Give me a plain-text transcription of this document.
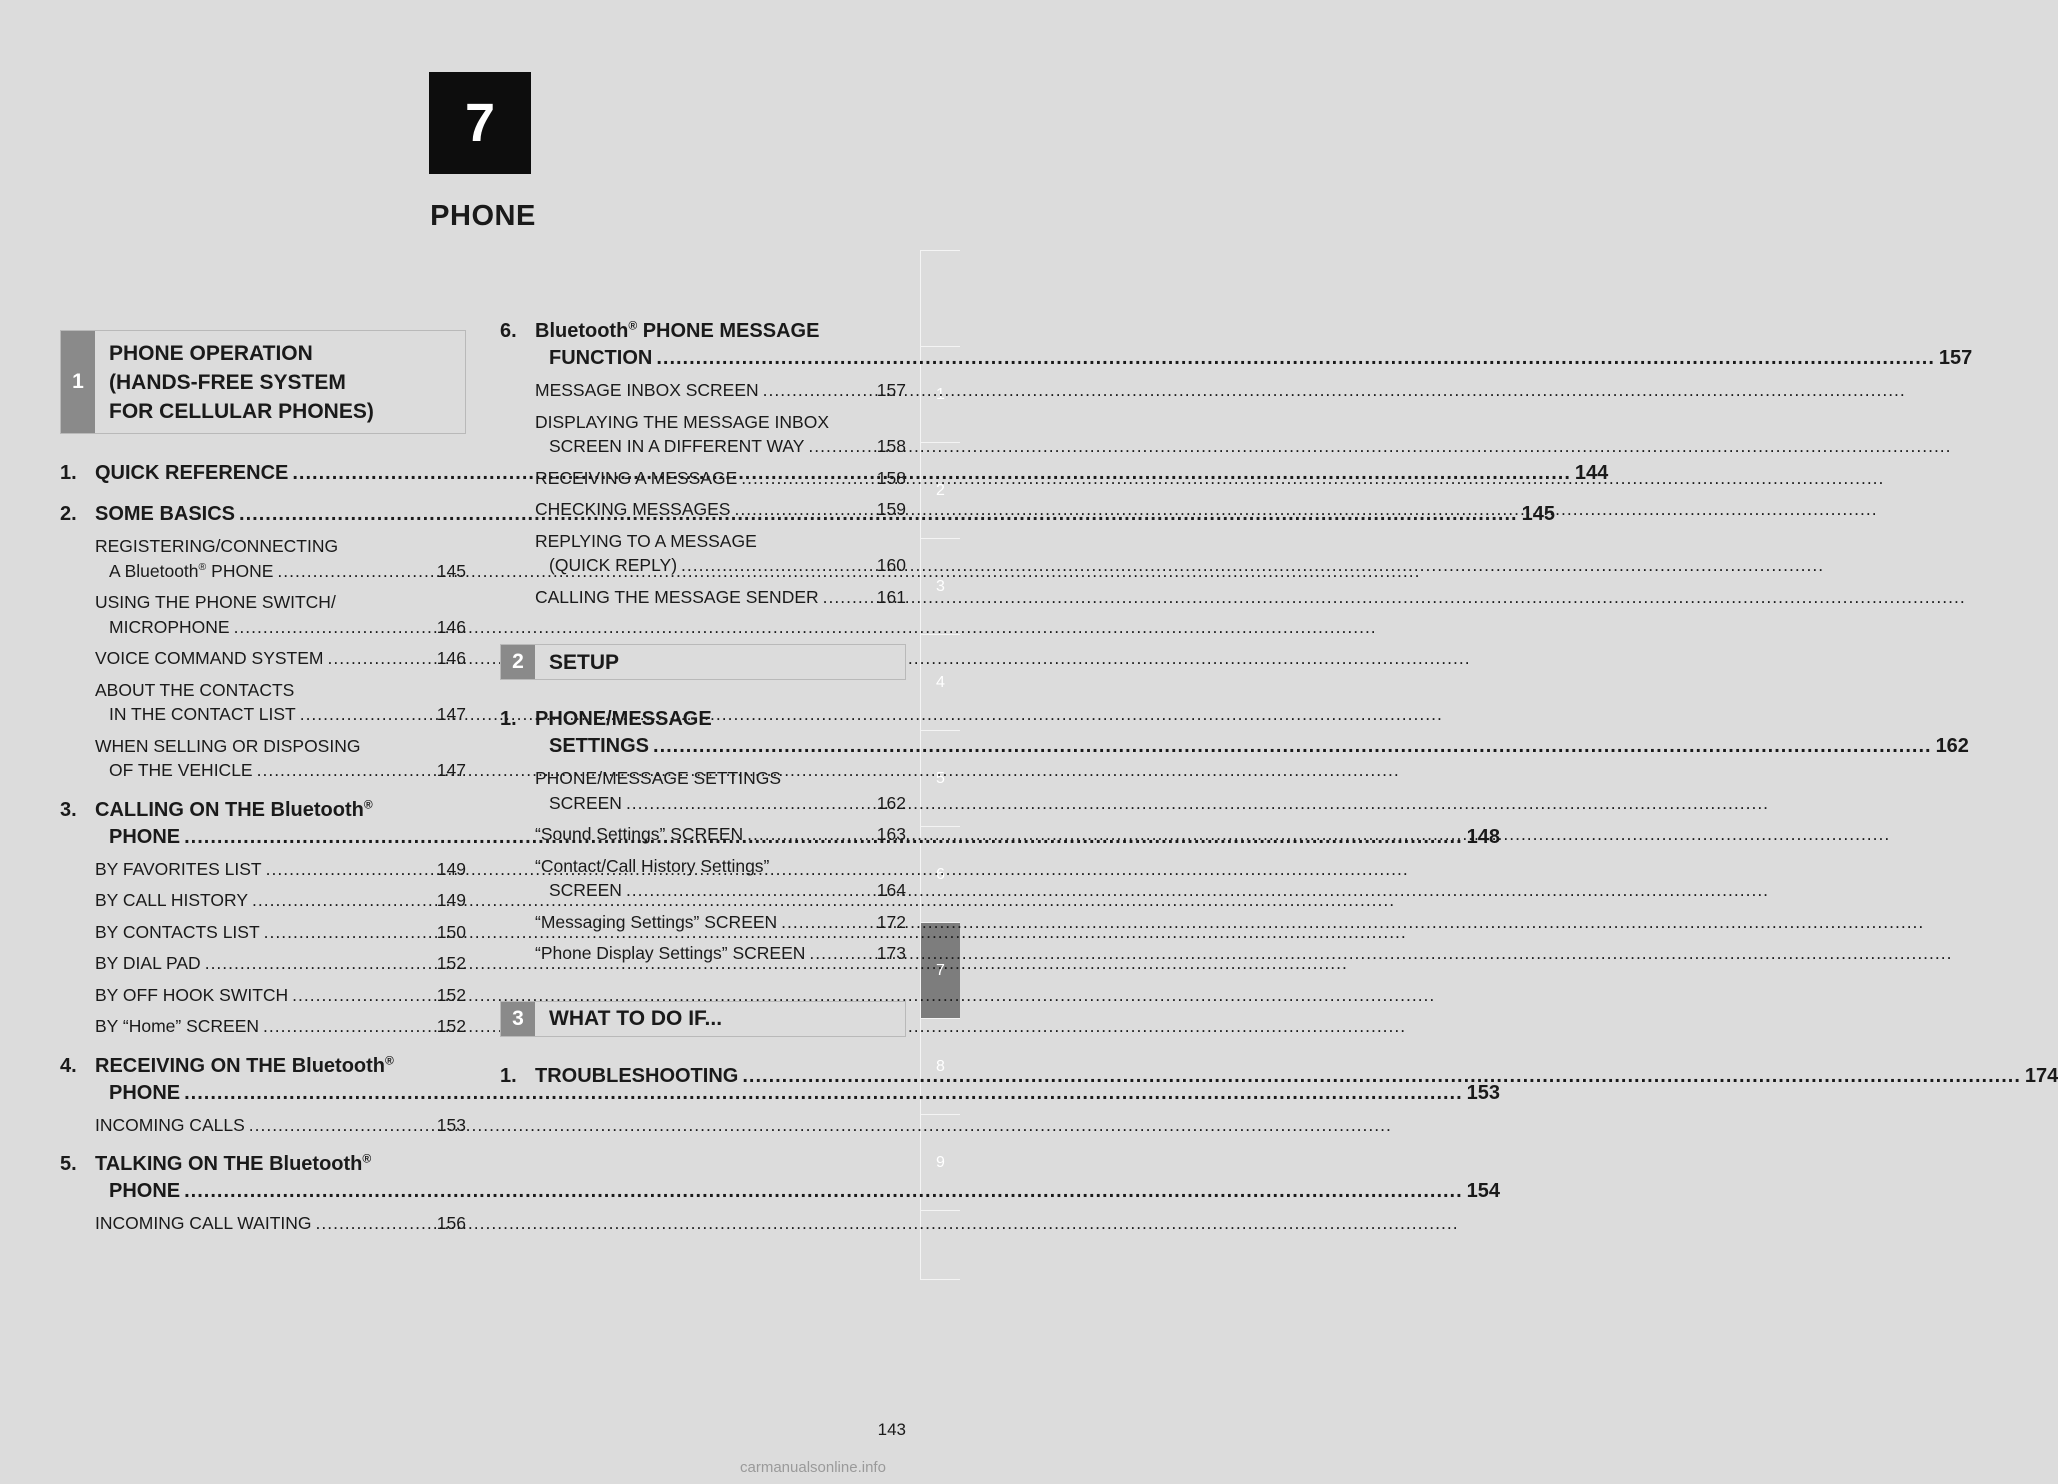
7
PHONE
1
2
3
4
5
6
7
8
9
1
PHONE OPERATION
(HANDS-FREE SYSTEM
FOR CELLULAR PHONES)
1. QUICK REFERENCE .....	144
2. SOME BASICS .....	145
REGISTERING/CONNECTING
A Bluetooth® PHONE .....	145
USING THE PHONE SWITCH/
MICROPHONE .....	146
VOICE COMMAND SYSTEM .....	146
ABOUT THE CONTACTS
IN THE CONTACT LIST .....	147
WHEN SELLING OR DISPOSING
OF THE VEHICLE .....	147
3. CALLING ON THE Bluetooth®
PHONE .....	148
BY FAVORITES LIST .....	149
BY CALL HISTORY .....	149
BY CONTACTS LIST .....	150
BY DIAL PAD .....	152
BY OFF HOOK SWITCH .....	152
BY “Home” SCREEN .....	152
4. RECEIVING ON THE Bluetooth®
PHONE .....	153
INCOMING CALLS .....	153
5. TALKING ON THE Bluetooth®
PHONE .....	154
INCOMING CALL WAITING .....	156
6. Bluetooth® PHONE MESSAGE
FUNCTION .....	157
MESSAGE INBOX SCREEN .....	157
DISPLAYING THE MESSAGE INBOX
SCREEN IN A DIFFERENT WAY .....	158
RECEIVING A MESSAGE .....	158
CHECKING MESSAGES .....	159
REPLYING TO A MESSAGE
(QUICK REPLY) .....	160
CALLING THE MESSAGE SENDER .....	161
2	SETUP
1. PHONE/MESSAGE
SETTINGS .....	162
PHONE/MESSAGE SETTINGS
SCREEN .....	162
“Sound Settings” SCREEN .....	163
“Contact/Call History Settings”
SCREEN .....	164
“Messaging Settings” SCREEN .....	172
“Phone Display Settings” SCREEN .....	173
3	WHAT TO DO IF...
1. TROUBLESHOOTING .....	174
143
carmanualsonline.info
